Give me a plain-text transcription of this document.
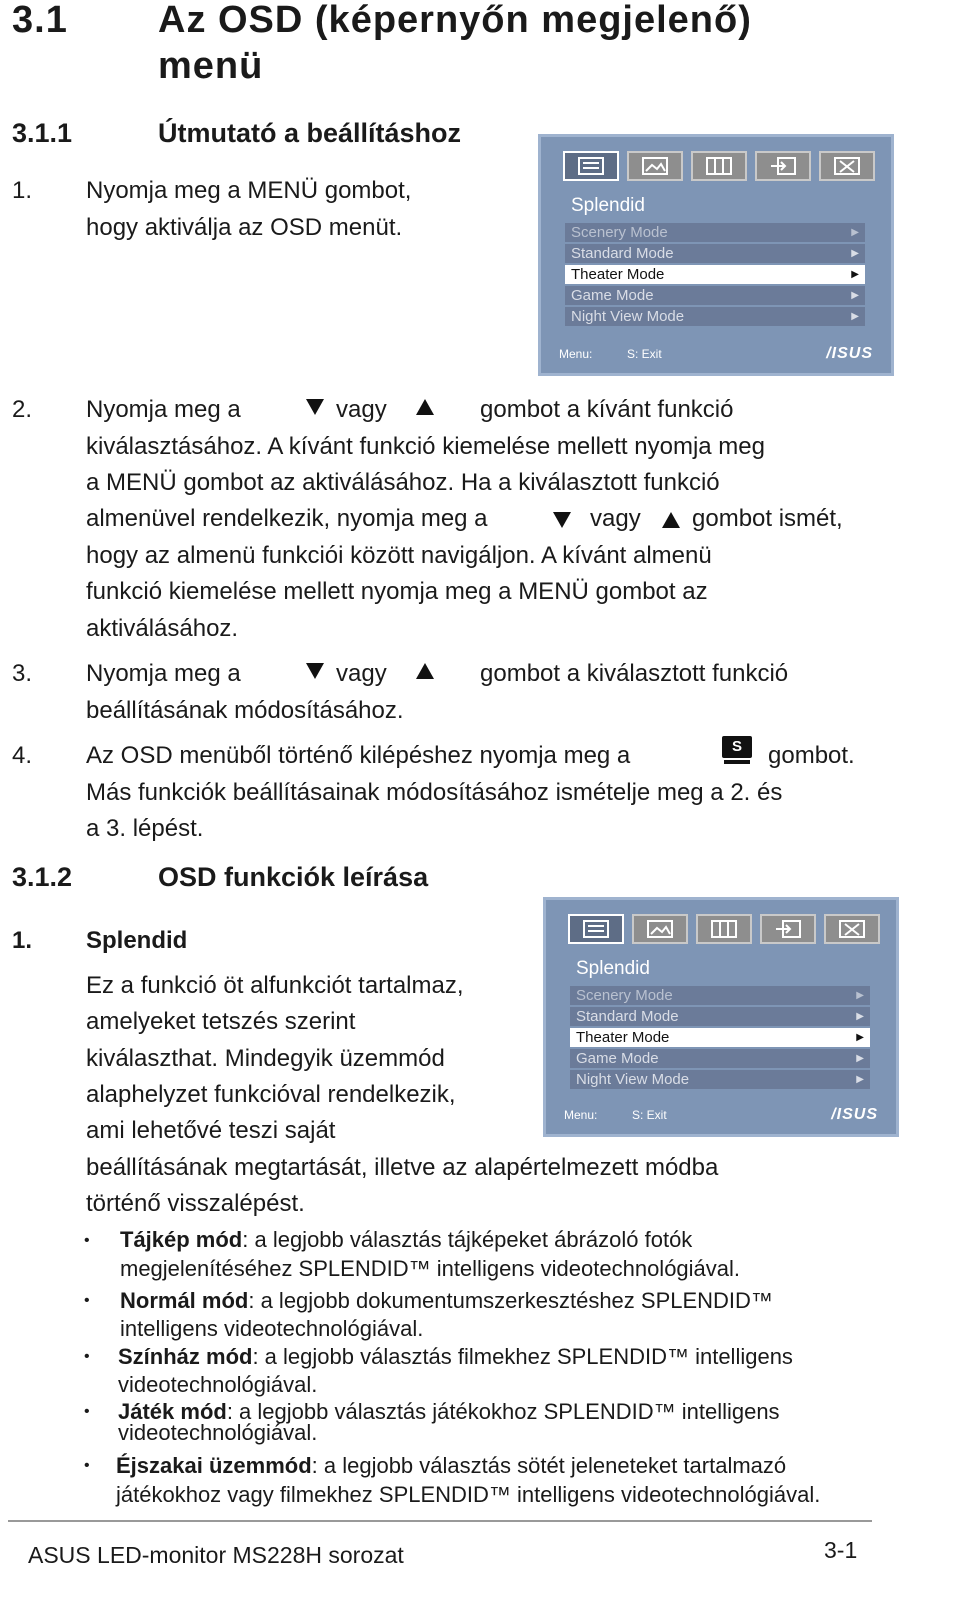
3.1 Az OSD (képernyőn megjelenő)
menü
3.1.1	Útmutató a beállításhoz
1. Nyomja meg a MENÜ gombot,
hogy aktiválja az OSD menüt.
Splendid
Scenery Mode	▶
Standard Mode	▶
Theater Mode	▶
Game Mode	▶
Night View Mode	▶
Menu:	S: Exit	/ISUS
2. Nyomja meg a	vagy	gombot a kívánt funkció
kiválasztásához. A kívánt funkció kiemelése mellett nyomja meg
a MENÜ gombot az aktiválásához. Ha a kiválasztott funkció
almenüvel rendelkezik, nyomja meg a	vagy gombot ismét,
hogy az almenü funkciói között navigáljon. A kívánt almenü
funkció kiemelése mellett nyomja meg a MENÜ gombot az
aktiválásához.
3. Nyomja meg a	vagy	gombot a kiválasztott funkció
beállításának módosításához.
4. Az OSD menüből történő kilépéshez nyomja meg a	S	gombot.
Más funkciók beállításainak módosításához ismételje meg a 2. és
a 3. lépést.
3.1.2	OSD funkciók leírása
1. Splendid
Ez a funkció öt alfunkciót tartalmaz,
amelyeket tetszés szerint
kiválaszthat. Mindegyik üzemmód
alaphelyzet funkcióval rendelkezik,
ami lehetővé teszi saját
beállításának megtartását, illetve az alapértelmezett módba
történő visszalépést.
Splendid
Scenery Mode	▶
Standard Mode	▶
Theater Mode	▶
Game Mode	▶
Night View Mode	▶
Menu:	S: Exit	/ISUS
• Tájkép mód: a legjobb választás tájképeket ábrázoló fotók
megjelenítéséhez SPLENDID™ intelligens videotechnológiával.
• Normál mód: a legjobb dokumentumszerkesztéshez SPLENDID™
intelligens videotechnológiával.
• Színház mód: a legjobb választás filmekhez SPLENDID™ intelligens
videotechnológiával.
• Játék mód: a legjobb választás játékokhoz SPLENDID™ intelligens
videotechnológiával.
• Éjszakai üzemmód: a legjobb választás sötét jeleneteket tartalmazó
játékokhoz vagy filmekhez SPLENDID™ intelligens videotechnológiával.
ASUS LED-monitor MS228H sorozat	3-1
